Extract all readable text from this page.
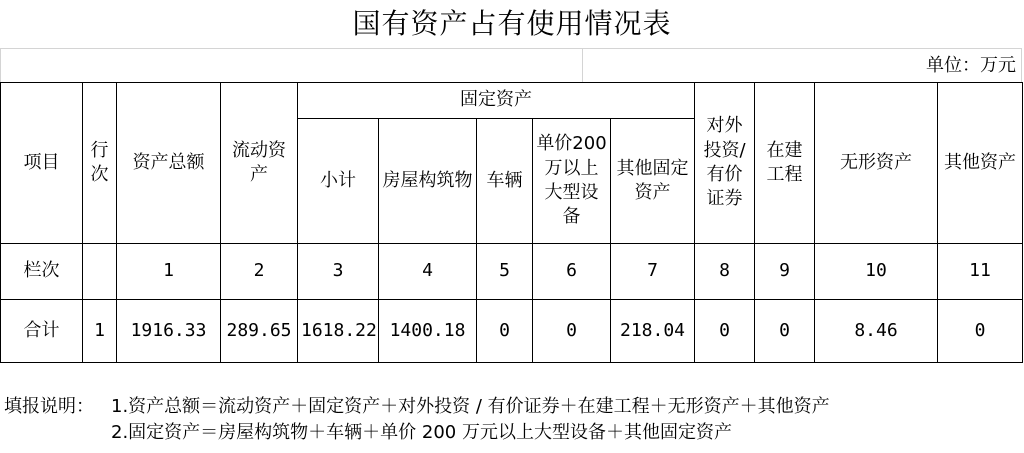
国有资产占有使用情况表
单位：万元
项目	行次	资产总额	流动资产	固定资产					对外投资/有价证券	在建工程	无形资产	其他资产
				小计	房屋构筑物	车辆	单价200万以上大型设备	其他固定资产				
栏次		1	2	3	4	5	6	7	8	9	10	11
合计	1	1916.33	289.65	1618.22	1400.18	0	0	218.04	0	0	8.46	0
填报说明： 1.资产总额＝流动资产＋固定资产＋对外投资 / 有价证券＋在建工程＋无形资产＋其他资产
2.固定资产＝房屋构筑物＋车辆＋单价 200 万元以上大型设备＋其他固定资产
